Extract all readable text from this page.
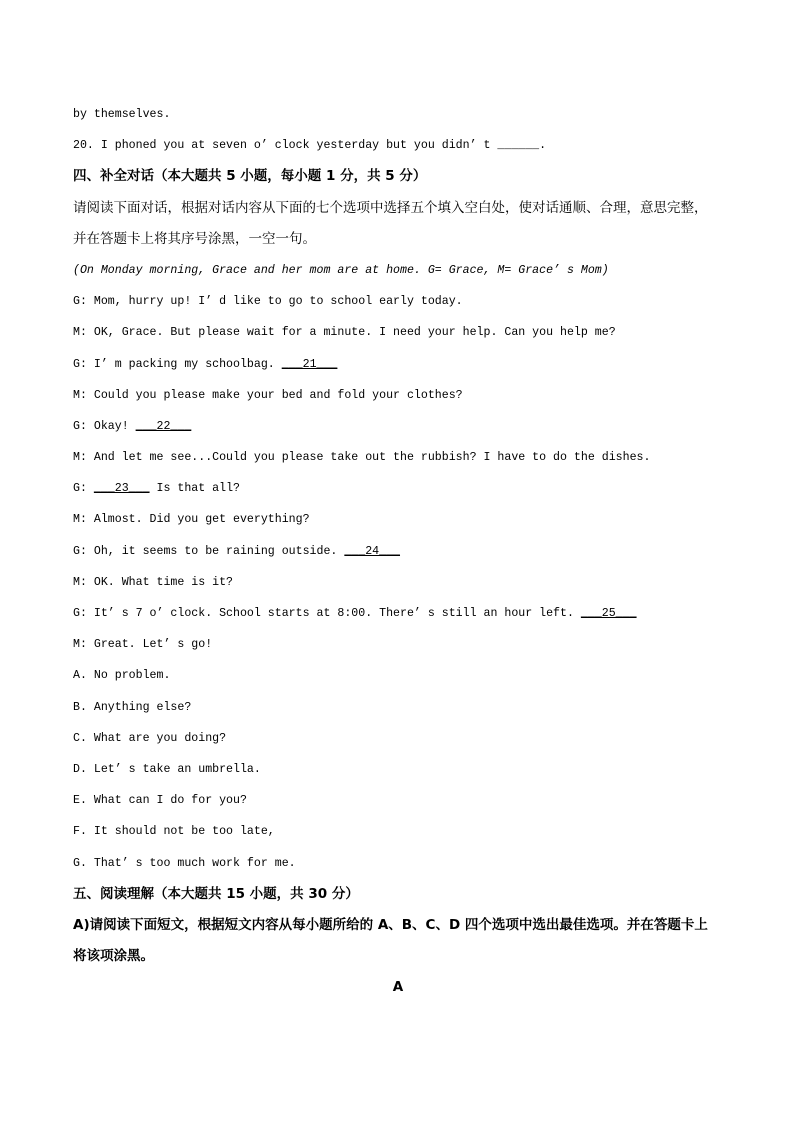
by themselves.
20. I phoned you at seven o’ clock yesterday but you didn’ t ______.
四、补全对话（本大题共 5 小题，每小题 1 分，共 5 分）
请阅读下面对话，根据对话内容从下面的七个选项中选择五个填入空白处，使对话通顺、合理，意思完整，
并在答题卡上将其序号涂黑，一空一句。
(On Monday morning, Grace and her mom are at home. G= Grace, M= Grace’ s Mom)
G: Mom, hurry up! I’ d like to go to school early today.
M: OK, Grace. But please wait for a minute. I need your help. Can you help me?
G: I’ m packing my schoolbag. ___21___
M: Could you please make your bed and fold your clothes?
G: Okay! ___22___
M: And let me see...Could you please take out the rubbish? I have to do the dishes.
G: ___23___ Is that all?
M: Almost. Did you get everything?
G: Oh, it seems to be raining outside. ___24___
M: OK. What time is it?
G: It’ s 7 o’ clock. School starts at 8:00. There’ s still an hour left. ___25___
M: Great. Let’ s go!
A. No problem.
B. Anything else?
C. What are you doing?
D. Let’ s take an umbrella.
E. What can I do for you?
F. It should not be too late,
G. That’ s too much work for me.
五、阅读理解（本大题共 15 小题，共 30 分）
A)请阅读下面短文，根据短文内容从每小题所给的 A、B、C、D 四个选项中选出最佳选项。并在答题卡上
将该项涂黑。
A
